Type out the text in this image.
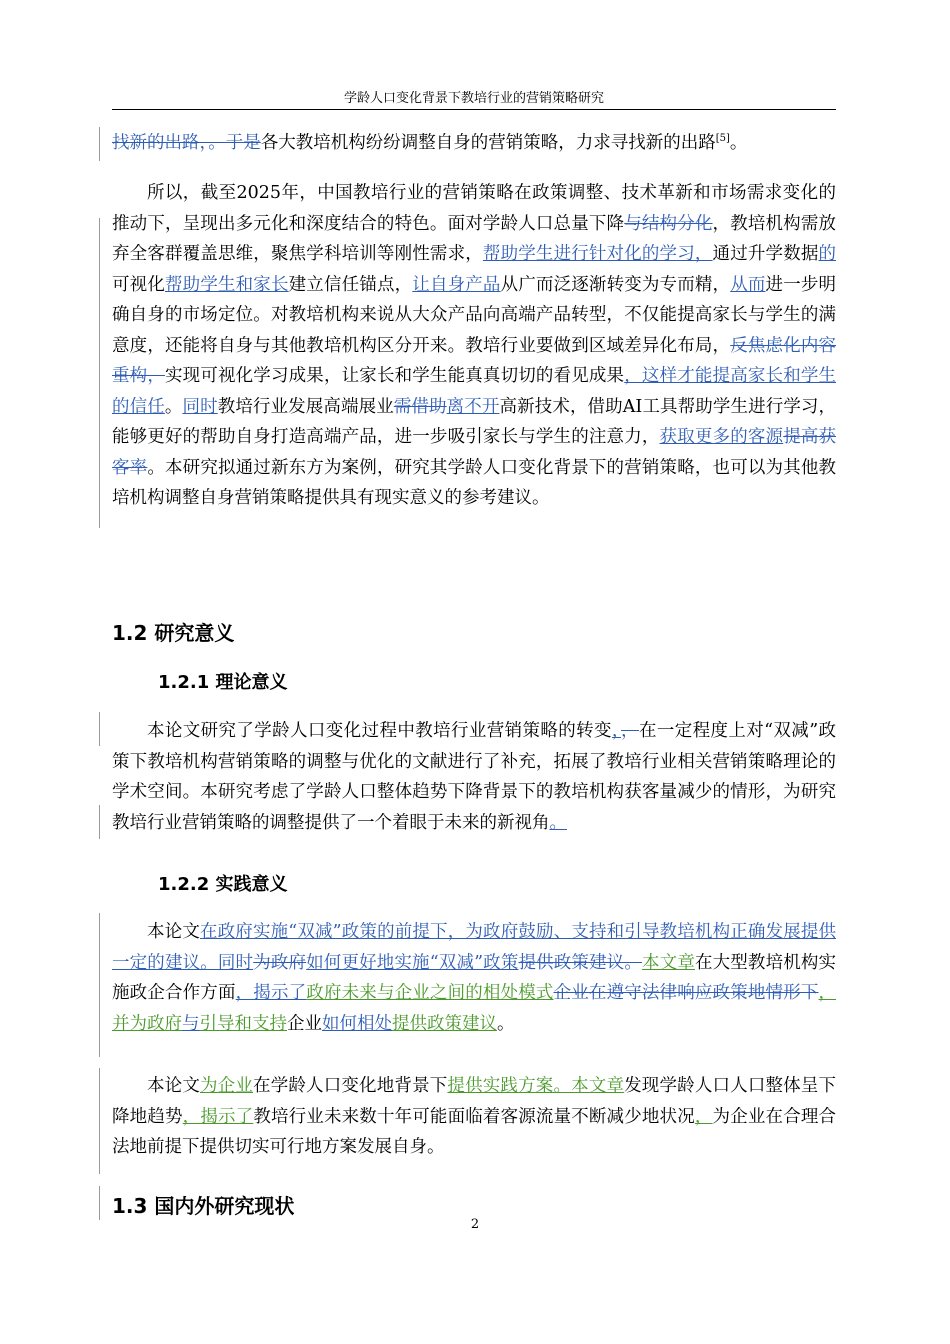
学龄人口变化背景下教培行业的营销策略研究
找新的出路，。于是各大教培机构纷纷调整自身的营销策略，力求寻找新的出路[5]。
所以，截至2025年，中国教培行业的营销策略在政策调整、技术革新和市场需求变化的推动下，呈现出多元化和深度结合的特色。面对学龄人口总量下降与结构分化，教培机构需放弃全客群覆盖思维，聚焦学科培训等刚性需求，帮助学生进行针对化的学习，通过升学数据的可视化帮助学生和家长建立信任锚点，让自身产品从广而泛逐渐转变为专而精，从而进一步明确自身的市场定位。对教培机构来说从大众产品向高端产品转型，不仅能提高家长与学生的满意度，还能将自身与其他教培机构区分开来。教培行业要做到区域差异化布局，反焦虑化内容重构，实现可视化学习成果，让家长和学生能真真切切的看见成果，这样才能提高家长和学生的信任。同时教培行业发展高端展业需借助离不开高新技术，借助AI工具帮助学生进行学习，能够更好的帮助自身打造高端产品，进一步吸引家长与学生的注意力，获取更多的客源提高获客率。本研究拟通过新东方为案例，研究其学龄人口变化背景下的营销策略，也可以为其他教培机构调整自身营销策略提供具有现实意义的参考建议。
1.2 研究意义
1.2.1 理论意义
本论文研究了学龄人口变化过程中教培行业营销策略的转变，，在一定程度上对“双减”政策下教培机构营销策略的调整与优化的文献进行了补充，拓展了教培行业相关营销策略理论的学术空间。本研究考虑了学龄人口整体趋势下降背景下的教培机构获客量减少的情形，为研究教培行业营销策略的调整提供了一个着眼于未来的新视角。
1.2.2 实践意义
本论文在政府实施“双减”政策的前提下，为政府鼓励、支持和引导教培机构正确发展提供一定的建议。同时为政府如何更好地实施“双减”政策提供政策建议。本文章在大型教培机构实施政企合作方面，揭示了政府未来与企业之间的相处模式企业在遵守法律响应政策地情形下，并为政府与引导和支持企业如何相处提供政策建议。
本论文为企业在学龄人口变化地背景下提供实践方案。本文章发现学龄人口人口整体呈下降地趋势，揭示了教培行业未来数十年可能面临着客源流量不断减少地状况，为企业在合理合法地前提下提供切实可行地方案发展自身。
1.3 国内外研究现状
2
